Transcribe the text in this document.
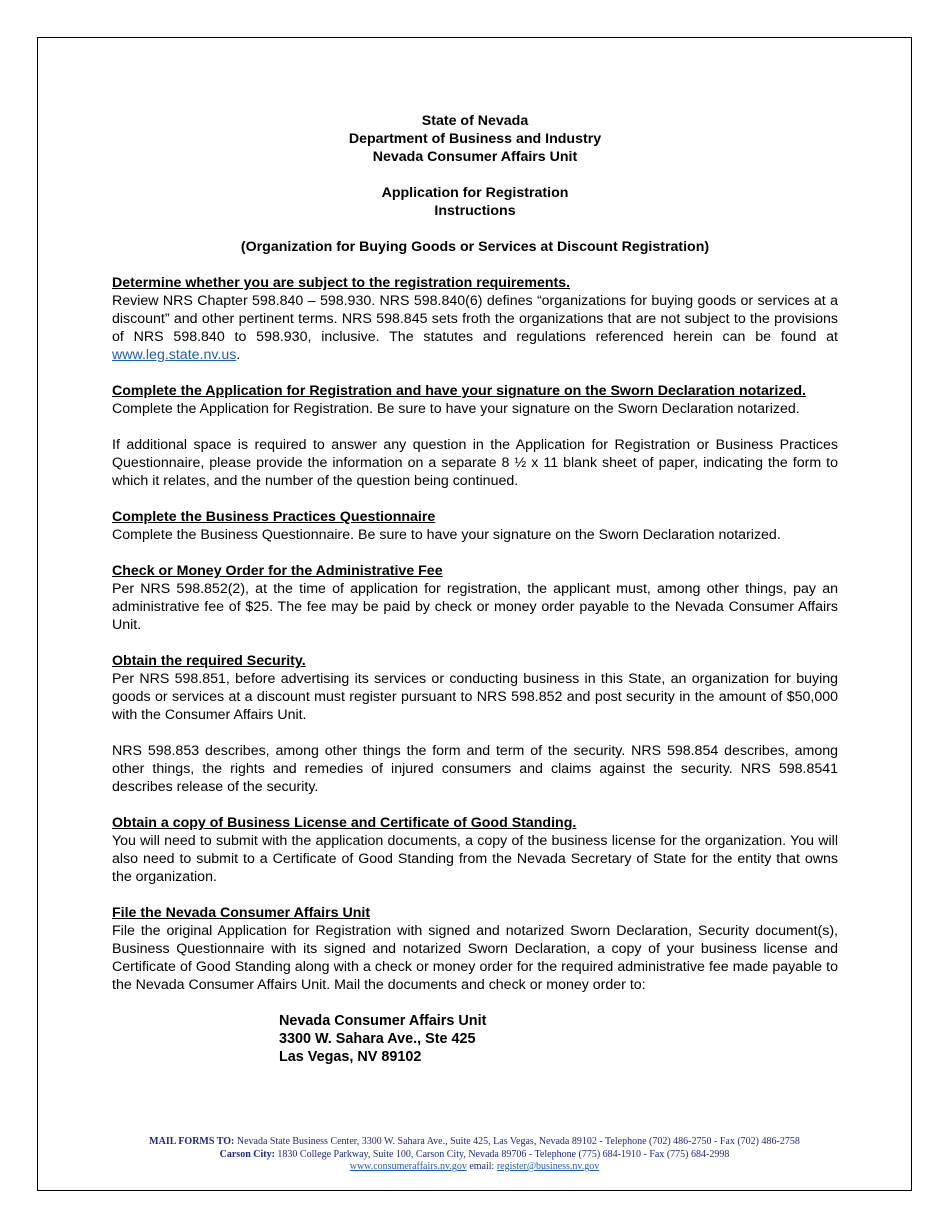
State of Nevada
Department of Business and Industry
Nevada Consumer Affairs Unit
Application for Registration
Instructions
(Organization for Buying Goods or Services at Discount Registration)

Determine whether you are subject to the registration requirements.

Review NRS Chapter 598.840 – 598.930. NRS 598.840(6) defines “organizations for buying goods or services at a discount” and other pertinent terms. NRS 598.845 sets froth the organizations that are not subject to the provisions of NRS 598.840 to 598.930, inclusive. The statutes and regulations referenced herein can be found at www.leg.state.nv.us.

Complete the Application for Registration and have your signature on the Sworn Declaration notarized.

Complete the Application for Registration. Be sure to have your signature on the Sworn Declaration notarized.

If additional space is required to answer any question in the Application for Registration or Business Practices Questionnaire, please provide the information on a separate 8 ½ x 11 blank sheet of paper, indicating the form to which it relates, and the number of the question being continued.

Complete the Business Practices Questionnaire

Complete the Business Questionnaire. Be sure to have your signature on the Sworn Declaration notarized.

Check or Money Order for the Administrative Fee

Per NRS 598.852(2), at the time of application for registration, the applicant must, among other things, pay an administrative fee of $25. The fee may be paid by check or money order payable to the Nevada Consumer Affairs Unit.

Obtain the required Security.

Per NRS 598.851, before advertising its services or conducting business in this State, an organization for buying goods or services at a discount must register pursuant to NRS 598.852 and post security in the amount of $50,000 with the Consumer Affairs Unit.

NRS 598.853 describes, among other things the form and term of the security. NRS 598.854 describes, among other things, the rights and remedies of injured consumers and claims against the security. NRS 598.8541 describes release of the security.

Obtain a copy of Business License and Certificate of Good Standing.

You will need to submit with the application documents, a copy of the business license for the organization. You will also need to submit to a Certificate of Good Standing from the Nevada Secretary of State for the entity that owns the organization.

File the Nevada Consumer Affairs Unit

File the original Application for Registration with signed and notarized Sworn Declaration, Security document(s), Business Questionnaire with its signed and notarized Sworn Declaration, a copy of your business license and Certificate of Good Standing along with a check or money order for the required administrative fee made payable to the Nevada Consumer Affairs Unit. Mail the documents and check or money order to:

Nevada Consumer Affairs Unit
3300 W. Sahara Ave., Ste 425
Las Vegas, NV 89102
MAIL FORMS TO: Nevada State Business Center, 3300 W. Sahara Ave., Suite 425, Las Vegas, Nevada 89102 - Telephone (702) 486-2750 - Fax (702) 486-2758
Carson City: 1830 College Parkway, Suite 100, Carson City, Nevada 89706 - Telephone (775) 684-1910 - Fax (775) 684-2998
www.consumeraffairs.nv.gov email: register@business.nv.gov
